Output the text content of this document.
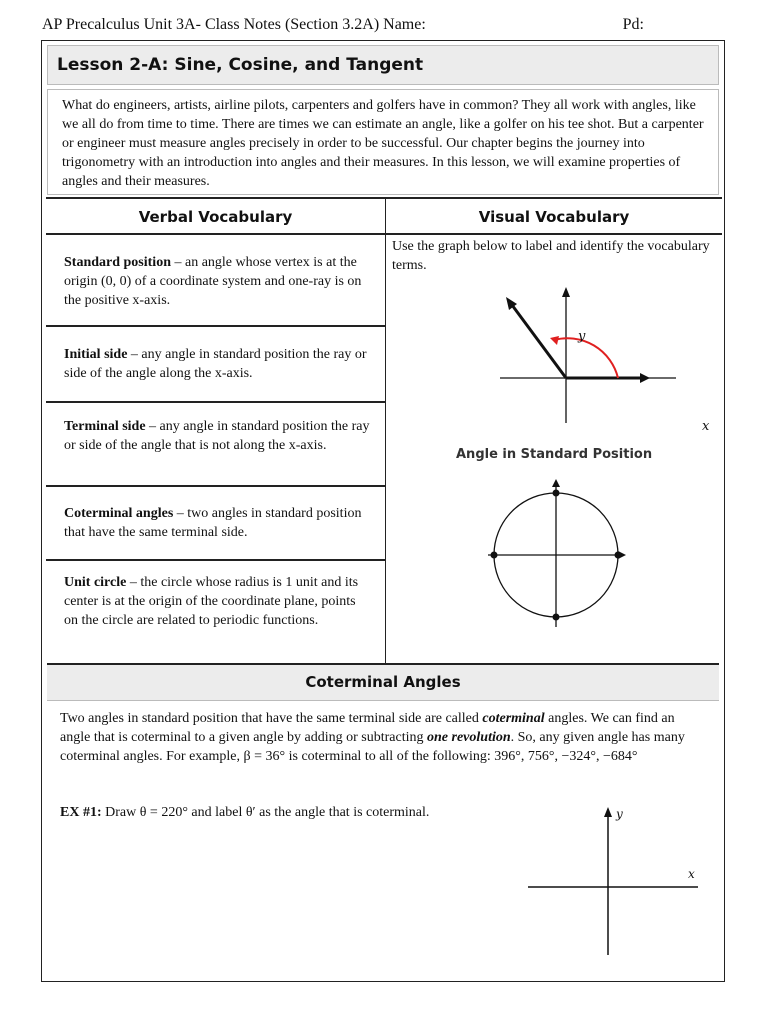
AP Precalculus Unit 3A- Class Notes (Section 3.2A) Name:	Pd:
Lesson 2-A: Sine, Cosine, and Tangent
What do engineers, artists, airline pilots, carpenters and golfers have in common? They all work with angles, like we all do from time to time. There are times we can estimate an angle, like a golfer on his tee shot. But a carpenter or engineer must measure angles precisely in order to be successful. Our chapter begins the journey into trigonometry with an introduction into angles and their measures. In this lesson, we will examine properties of angles and their measures.
Verbal Vocabulary	Visual Vocabulary
Standard position – an angle whose vertex is at the origin (0, 0) of a coordinate system and one-ray is on the positive x-axis.
Initial side – any angle in standard position the ray or side of the angle along the x-axis.
Terminal side – any angle in standard position the ray or side of the angle that is not along the x-axis.
Coterminal angles – two angles in standard position that have the same terminal side.
Unit circle – the circle whose radius is 1 unit and its center is at the origin of the coordinate plane, points on the circle are related to periodic functions.
Use the graph below to label and identify the vocabulary terms.
y
x
Angle in Standard Position
Coterminal Angles
Two angles in standard position that have the same terminal side are called coterminal angles. We can find an angle that is coterminal to a given angle by adding or subtracting one revolution. So, any given angle has many coterminal angles. For example, β = 36° is coterminal to all of the following: 396°, 756°, −324°, −684°
EX #1: Draw θ = 220° and label θ′ as the angle that is coterminal.	y
x
